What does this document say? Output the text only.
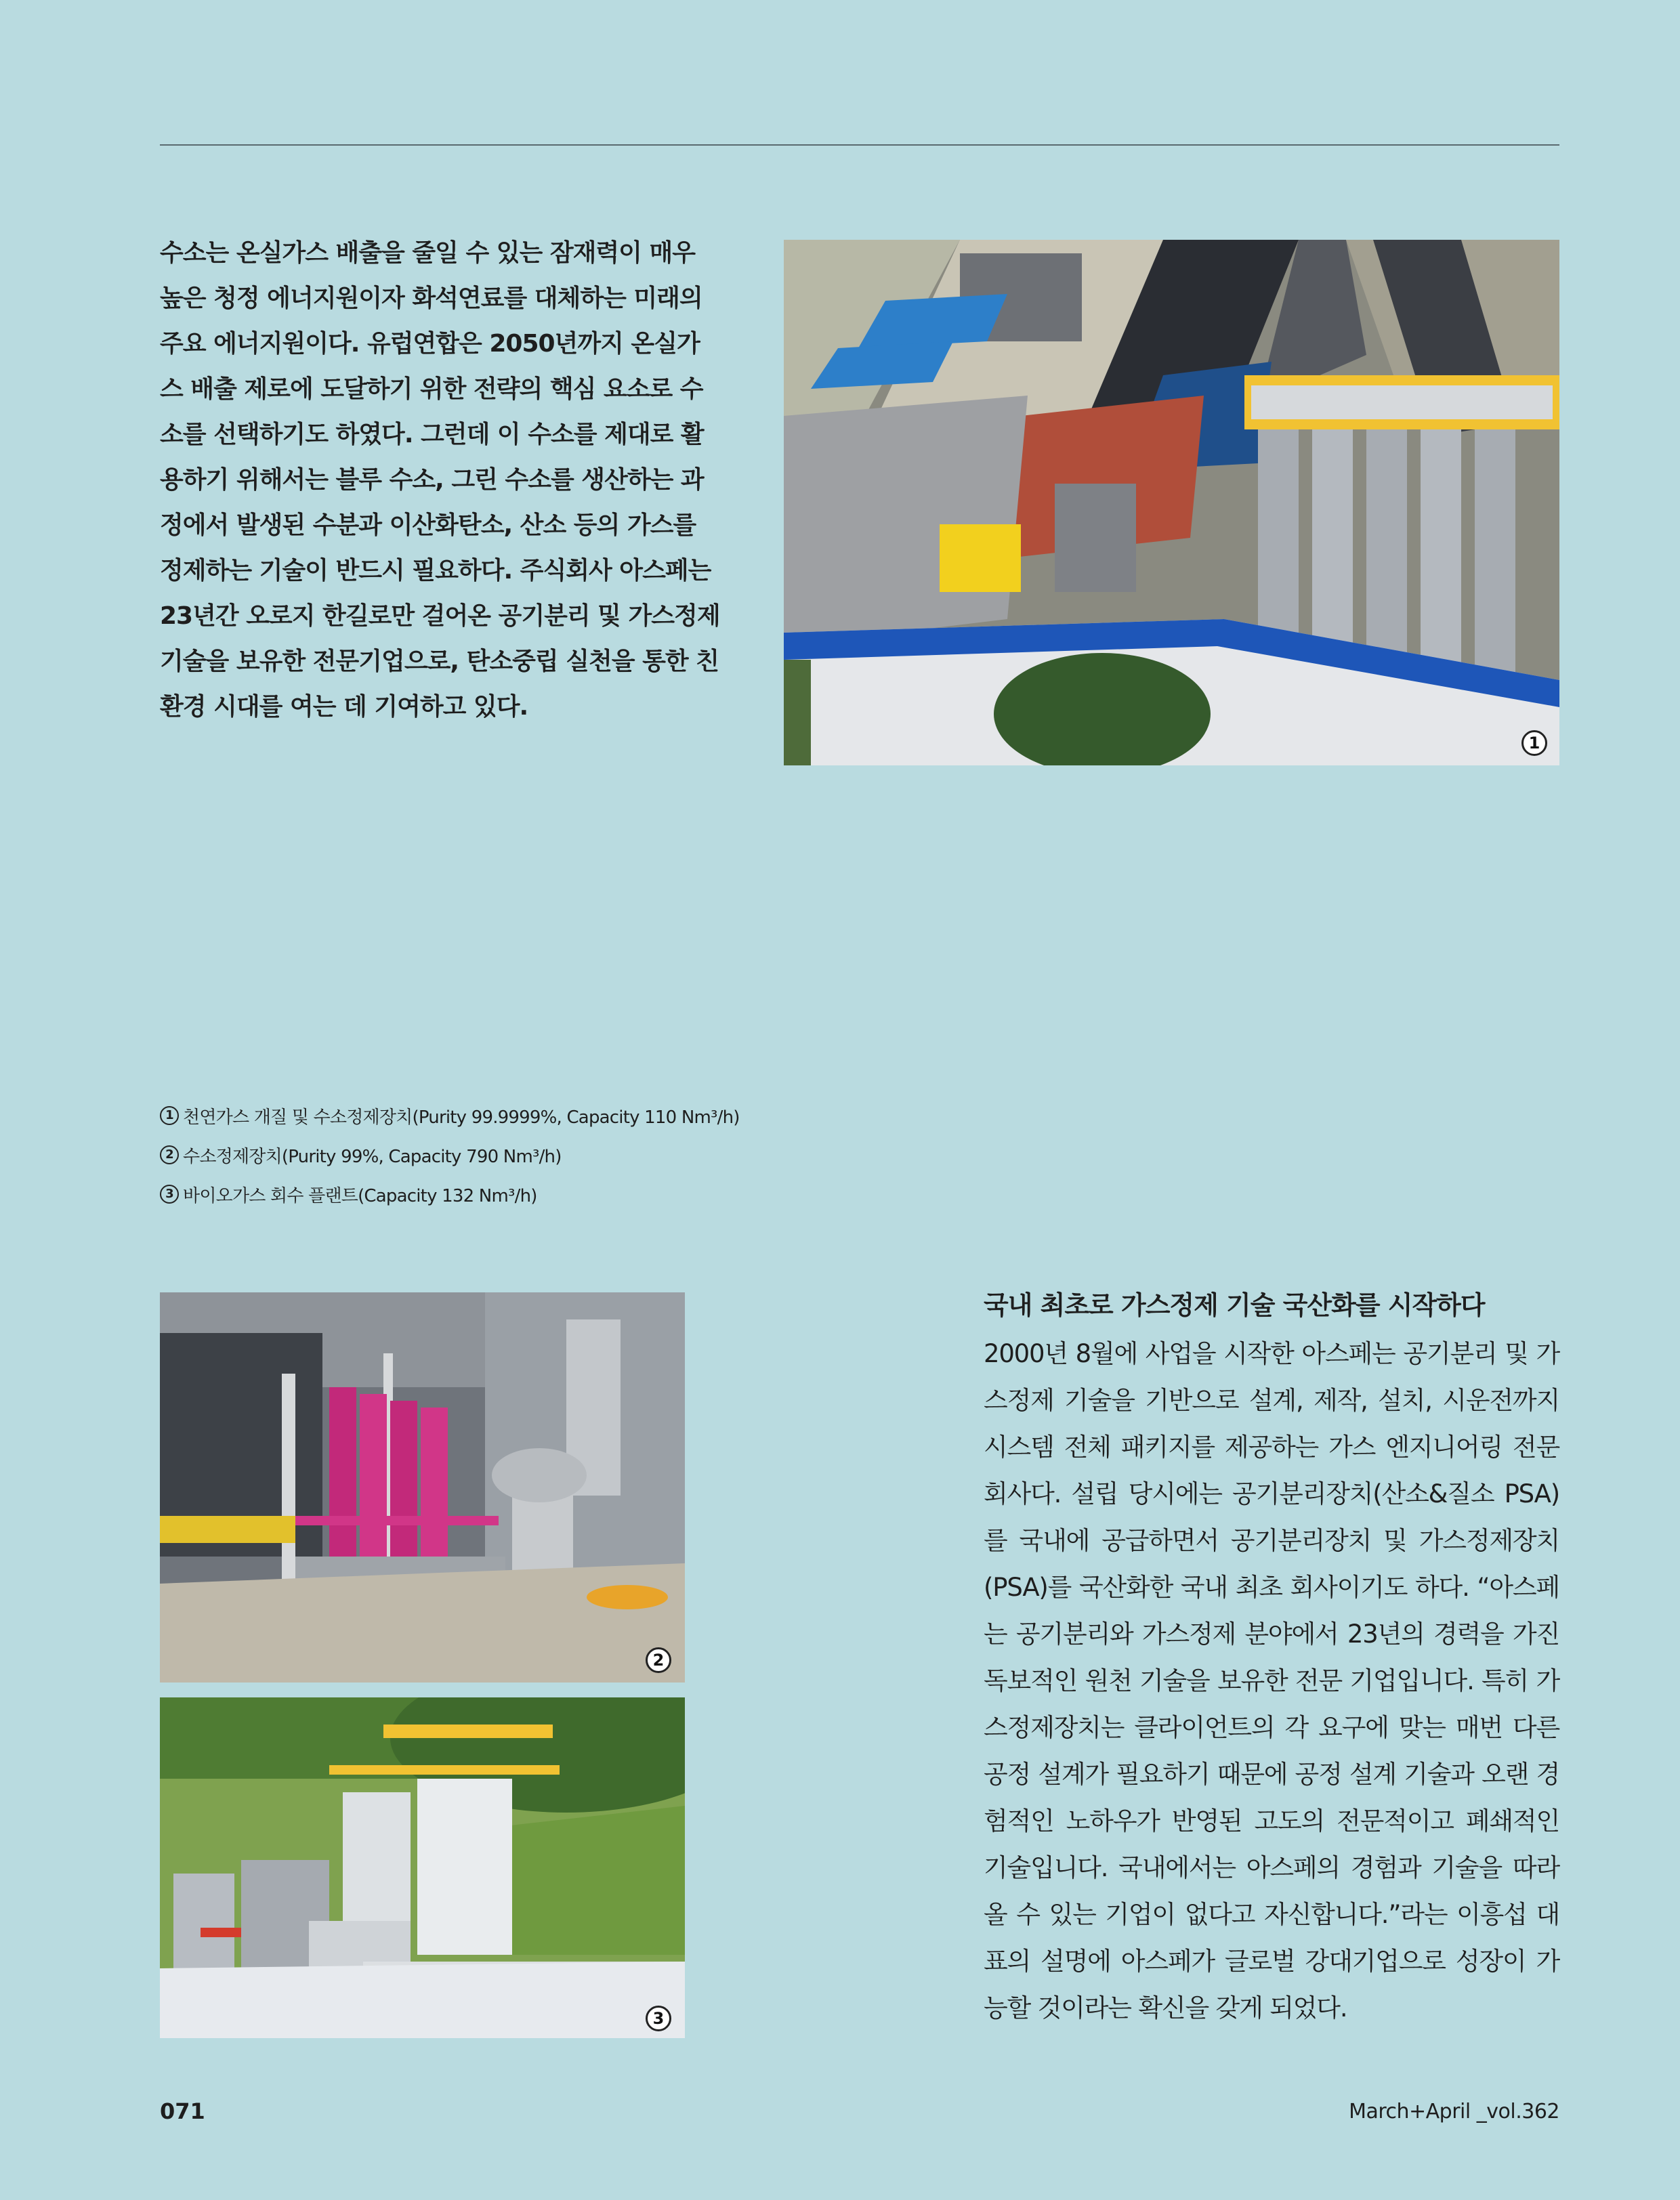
수소는 온실가스 배출을 줄일 수 있는 잠재력이 매우 높은 청정 에너지원이자 화석연료를 대체하는 미래의 주요 에너지원이다. 유럽연합은 2050년까지 온실가스 배출 제로에 도달하기 위한 전략의 핵심 요소로 수소를 선택하기도 하였다. 그런데 이 수소를 제대로 활용하기 위해서는 블루 수소, 그린 수소를 생산하는 과정에서 발생된 수분과 이산화탄소, 산소 등의 가스를 정제하는 기술이 반드시 필요하다. 주식회사 아스페는 23년간 오로지 한길로만 걸어온 공기분리 및 가스정제기술을 보유한 전문기업으로, 탄소중립 실천을 통한 친환경 시대를 여는 데 기여하고 있다.

1
1 천연가스 개질 및 수소정제장치(Purity 99.9999%, Capacity 110 Nm³/h)
2 수소정제장치(Purity 99%, Capacity 790 Nm³/h)
3 바이오가스 회수 플랜트(Capacity 132 Nm³/h)
2
3
국내 최초로 가스정제 기술 국산화를 시작하다

2000년 8월에 사업을 시작한 아스페는 공기분리 및 가스정제 기술을 기반으로 설계, 제작, 설치, 시운전까지 시스템 전체 패키지를 제공하는 가스 엔지니어링 전문 회사다. 설립 당시에는 공기분리장치(산소&질소 PSA)를 국내에 공급하면서 공기분리장치 및 가스정제장치(PSA)를 국산화한 국내 최초 회사이기도 하다. “아스페는 공기분리와 가스정제 분야에서 23년의 경력을 가진 독보적인 원천 기술을 보유한 전문 기업입니다. 특히 가스정제장치는 클라이언트의 각 요구에 맞는 매번 다른 공정 설계가 필요하기 때문에 공정 설계 기술과 오랜 경험적인 노하우가 반영된 고도의 전문적이고 폐쇄적인 기술입니다. 국내에서는 아스페의 경험과 기술을 따라올 수 있는 기업이 없다고 자신합니다.”라는 이흥섭 대표의 설명에 아스페가 글로벌 강대기업으로 성장이 가능할 것이라는 확신을 갖게 되었다.

071	March+April _vol.362
